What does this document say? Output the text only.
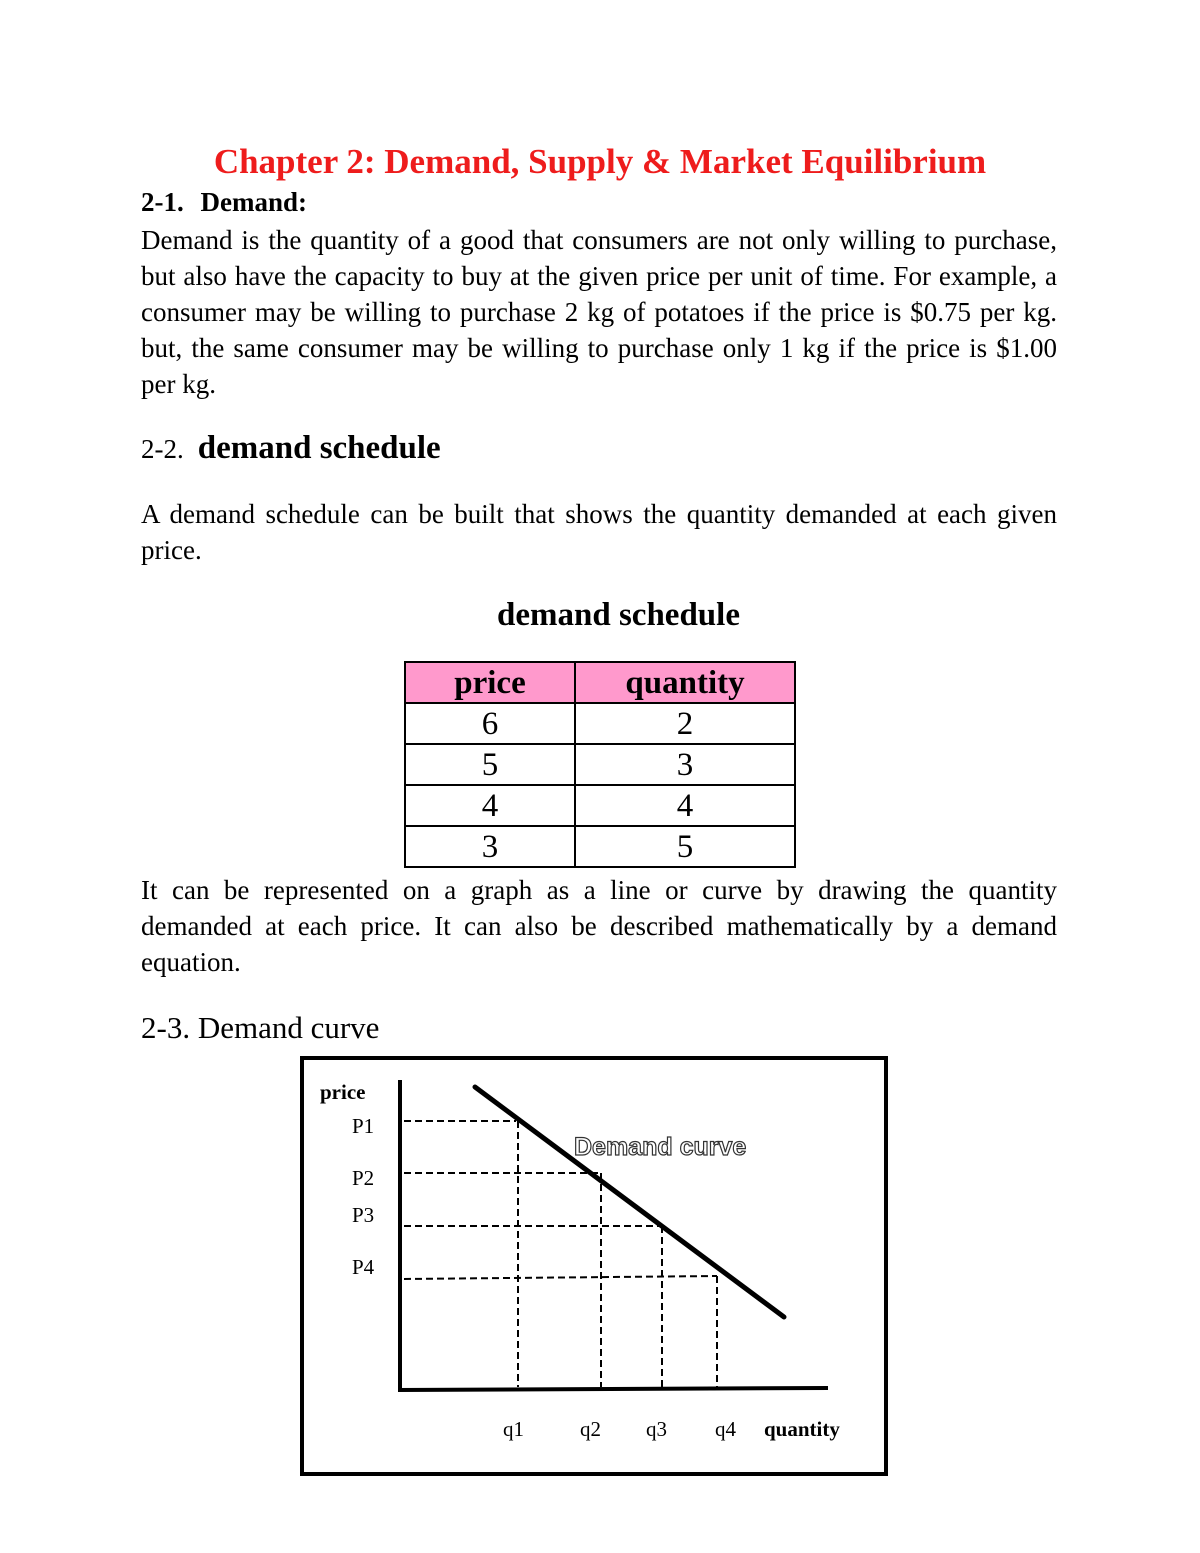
Chapter 2: Demand, Supply & Market Equilibrium

2-1. Demand:

Demand is the quantity of a good that consumers are not only willing to purchase, but also have the capacity to buy at the given price per unit of time. For example, a consumer may be willing to purchase 2 kg of potatoes if the price is $0.75 per kg. but, the same consumer may be willing to purchase only 1 kg if the price is $1.00 per kg.

2-2. demand schedule

A demand schedule can be built that shows the quantity demanded at each given price.

demand schedule

price	quantity
6	2
5	3
4	4
3	5

It can be represented on a graph as a line or curve by drawing the quantity demanded at each price. It can also be described mathematically by a demand equation.

2-3. Demand curve

price
P1
P2
P3
P4
Demand curve
q1	q2 q3 q4 quantity
